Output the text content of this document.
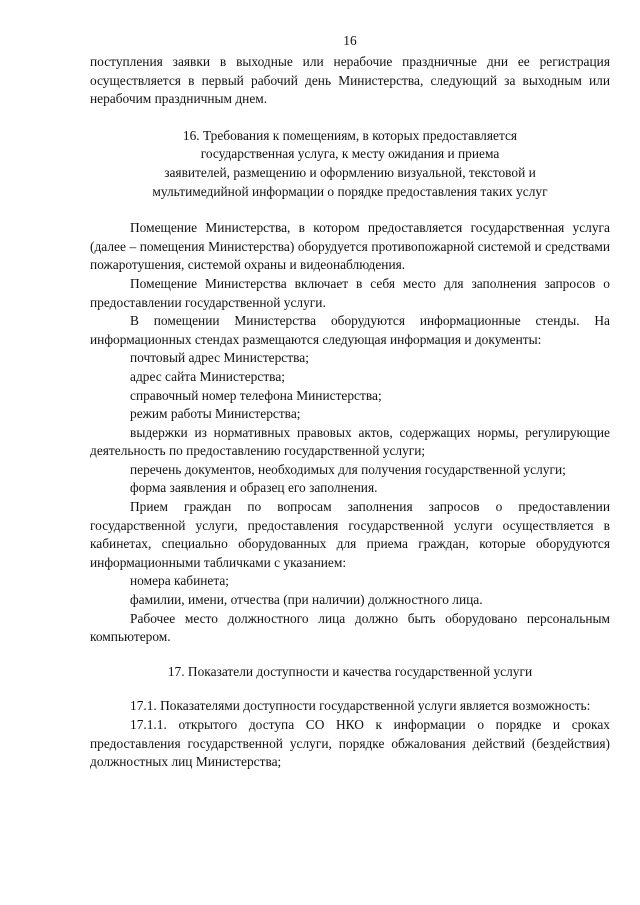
16

поступления заявки в выходные или нерабочие праздничные дни ее регистрация осуществляется в первый рабочий день Министерства, следующий за выходным или нерабочим праздничным днем.

16. Требования к помещениям, в которых предоставляется

государственная услуга, к месту ожидания и приема

заявителей, размещению и оформлению визуальной, текстовой и

мультимедийной информации о порядке предоставления таких услуг

Помещение Министерства, в котором предоставляется государственная услуга (далее – помещения Министерства) оборудуется противопожарной системой и средствами пожаротушения, системой охраны и видеонаблюдения.

Помещение Министерства включает в себя место для заполнения запросов о предоставлении государственной услуги.

В помещении Министерства оборудуются информационные стенды. На информационных стендах размещаются следующая информация и документы:

почтовый адрес Министерства;

адрес сайта Министерства;

справочный номер телефона Министерства;

режим работы Министерства;

выдержки из нормативных правовых актов, содержащих нормы, регулирующие деятельность по предоставлению государственной услуги;

перечень документов, необходимых для получения государственной услуги;

форма заявления и образец его заполнения.

Прием граждан по вопросам заполнения запросов о предоставлении государственной услуги, предоставления государственной услуги осуществляется в кабинетах, специально оборудованных для приема граждан, которые оборудуются информационными табличками с указанием:

номера кабинета;

фамилии, имени, отчества (при наличии) должностного лица.

Рабочее место должностного лица должно быть оборудовано персональным компьютером.

17. Показатели доступности и качества государственной услуги

17.1. Показателями доступности государственной услуги является возможность:

17.1.1. открытого доступа СО НКО к информации о порядке и сроках предоставления государственной услуги, порядке обжалования действий (бездействия) должностных лиц Министерства;
